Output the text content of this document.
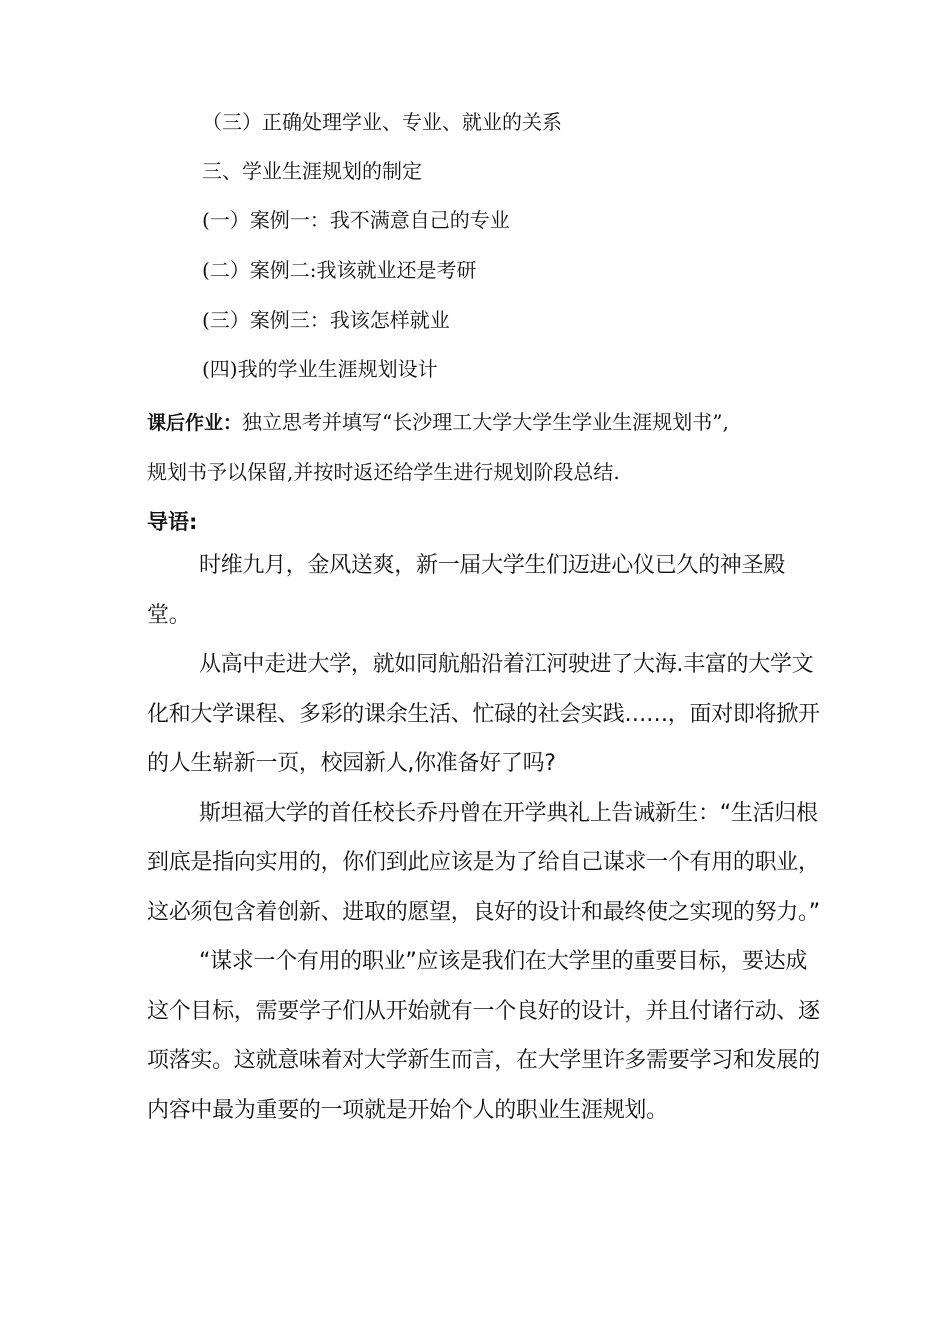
（三）正确处理学业、专业、就业的关系
三、学业生涯规划的制定
(一）案例一：我不满意自己的专业
(二）案例二:我该就业还是考研
(三）案例三：我该怎样就业
(四)我的学业生涯规划设计
课后作业：独立思考并填写“长沙理工大学大学生学业生涯规划书”,
规划书予以保留,并按时返还给学生进行规划阶段总结.
导语:

时维九月，金风送爽，新一届大学生们迈进心仪已久的神圣殿堂。

从高中走进大学，就如同航船沿着江河驶进了大海.丰富的大学文化和大学课程、多彩的课余生活、忙碌的社会实践……，面对即将掀开的人生崭新一页，校园新人,你准备好了吗?

斯坦福大学的首任校长乔丹曾在开学典礼上告诫新生：“生活归根到底是指向实用的，你们到此应该是为了给自己谋求一个有用的职业，这必须包含着创新、进取的愿望，良好的设计和最终使之实现的努力。”

“谋求一个有用的职业”应该是我们在大学里的重要目标，要达成这个目标，需要学子们从开始就有一个良好的设计，并且付诸行动、逐项落实。这就意味着对大学新生而言，在大学里许多需要学习和发展的内容中最为重要的一项就是开始个人的职业生涯规划。
